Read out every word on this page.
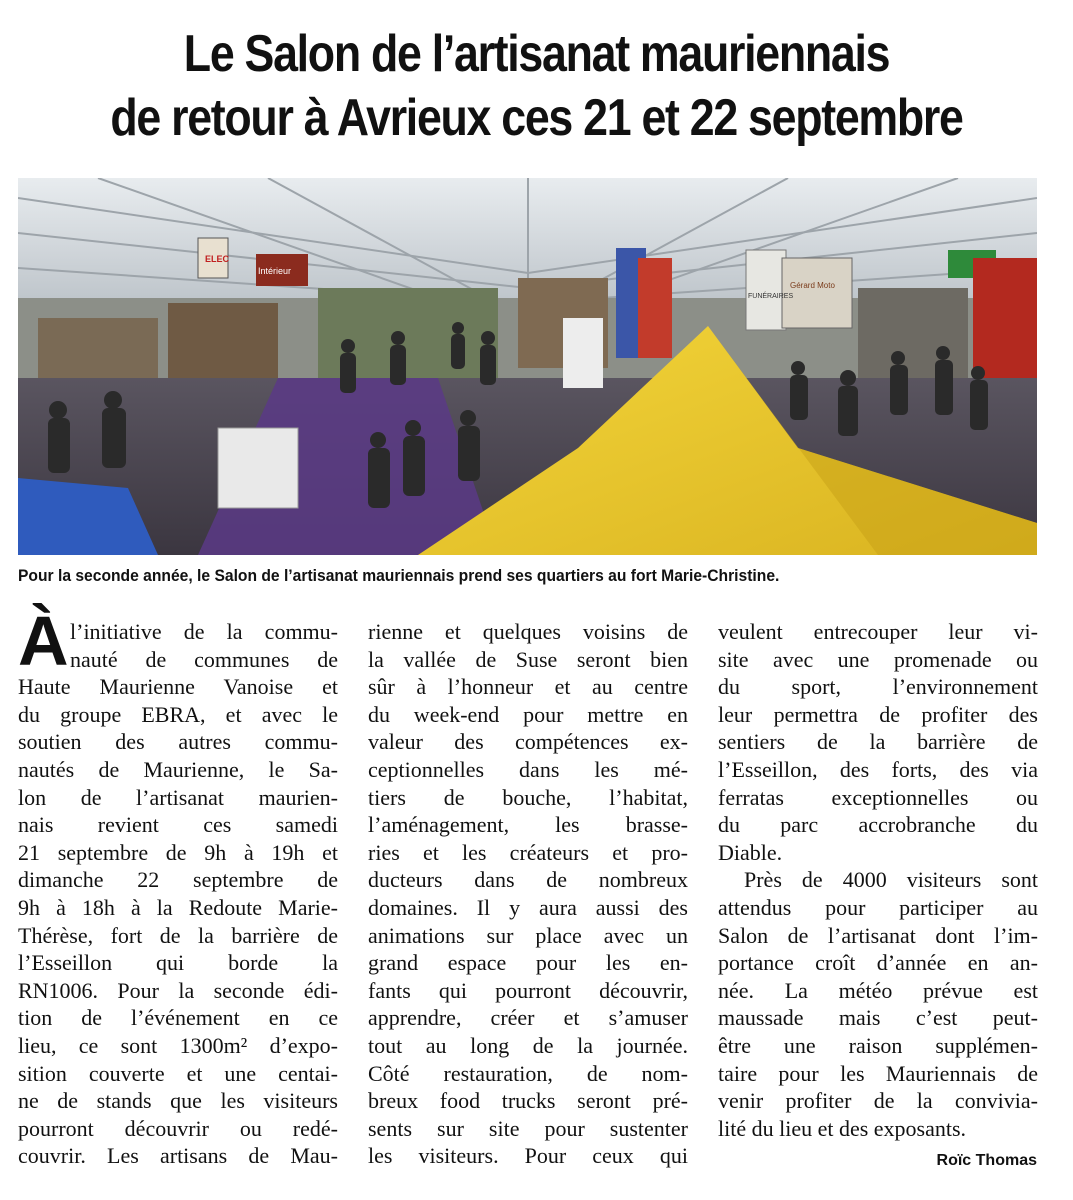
Le Salon de l’artisanat mauriennais
de retour à Avrieux ces 21 et 22 septembre
ELEC
Intérieur
FUNÉRAIRES
Gérard Moto
Pour la seconde année, le Salon de l’artisanat mauriennais prend ses quartiers au fort Marie-Christine.
À l’initiative de la commu-
nauté de communes de
Haute Maurienne Vanoise et
du groupe EBRA, et avec le
soutien des autres commu-
nautés de Maurienne, le Sa-
lon de l’artisanat maurien-
nais revient ces samedi
21 septembre de 9h à 19h et
dimanche 22 septembre de
9h à 18h à la Redoute Marie-
Thérèse, fort de la barrière de
l’Esseillon qui borde la
RN1006. Pour la seconde édi-
tion de l’événement en ce
lieu, ce sont 1300m² d’expo-
sition couverte et une centai-
ne de stands que les visiteurs
pourront découvrir ou redé-
couvrir. Les artisans de Mau-
rienne et quelques voisins de
la vallée de Suse seront bien
sûr à l’honneur et au centre
du week-end pour mettre en
valeur des compétences ex-
ceptionnelles dans les mé-
tiers de bouche, l’habitat,
l’aménagement, les brasse-
ries et les créateurs et pro-
ducteurs dans de nombreux
domaines. Il y aura aussi des
animations sur place avec un
grand espace pour les en-
fants qui pourront découvrir,
apprendre, créer et s’amuser
tout au long de la journée.
Côté restauration, de nom-
breux food trucks seront pré-
sents sur site pour sustenter
les visiteurs. Pour ceux qui
veulent entrecouper leur vi-
site avec une promenade ou
du sport, l’environnement
leur permettra de profiter des
sentiers de la barrière de
l’Esseillon, des forts, des via
ferratas exceptionnelles ou
du parc accrobranche du
Diable.
Près de 4000 visiteurs sont
attendus pour participer au
Salon de l’artisanat dont l’im-
portance croît d’année en an-
née. La météo prévue est
maussade mais c’est peut-
être une raison supplémen-
taire pour les Mauriennais de
venir profiter de la convivia-
lité du lieu et des exposants.
Roïc Thomas
